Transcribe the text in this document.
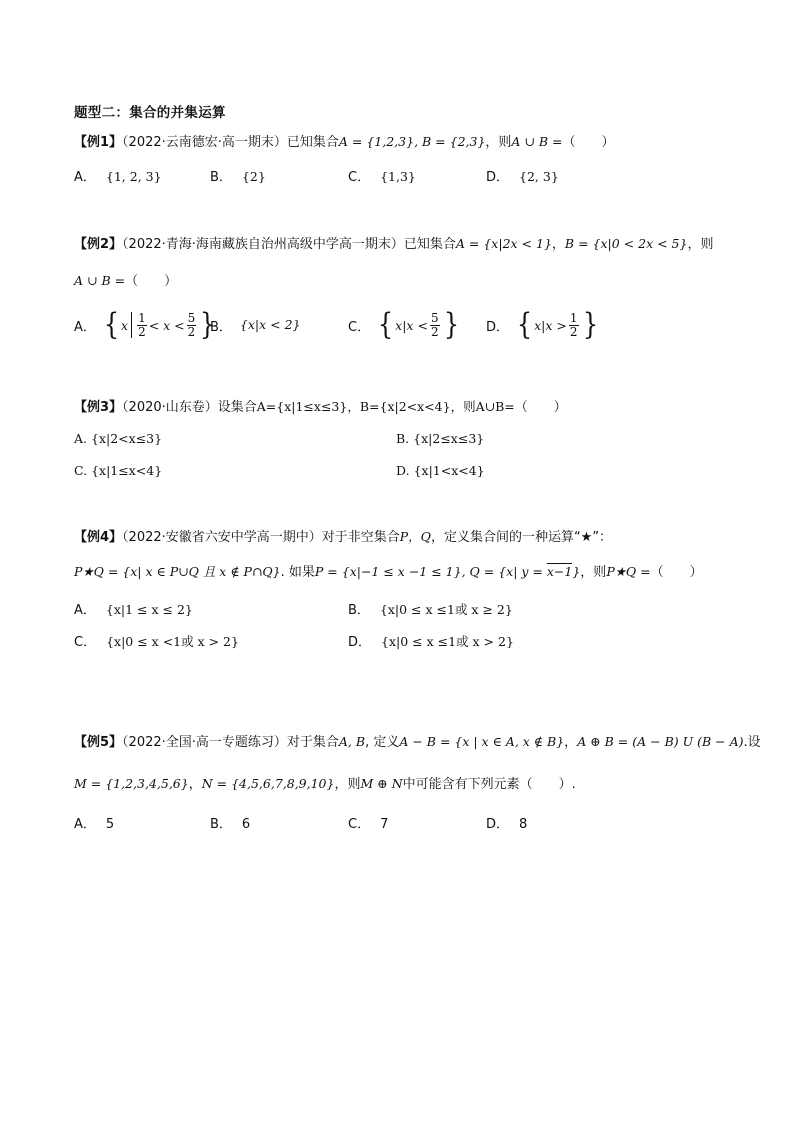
题型二：集合的并集运算
【例1】（2022·云南德宏·高一期末）已知集合A = {1,2,3}, B = {2,3}，则A ∪ B =（　　）
A． {1, 2, 3}	B． {2}	C． {1,3}	D． {2, 3}
【例2】（2022·青海·海南藏族自治州高级中学高一期末）已知集合A = {x|2x < 1}，B = {x|0 < 2x < 5}，则
A ∪ B =（　　）
A． { x $\frac{1}{2} < x < \frac{5}{2}$ }
B． {x|x < 2}	C． { $x|x < \frac{5}{2}$ } D． { $x|x > \frac{1}{2}$ }
【例3】（2020·山东卷）设集合A={x|1≤x≤3}，B={x|2<x<4}，则A∪B=（　　）
A. {x|2<x≤3}	B. {x|2≤x≤3}
C. {x|1≤x<4}	D. {x|1<x<4}
【例4】（2022·安徽省六安中学高一期中）对于非空集合P，Q，定义集合间的一种运算“★”：
P★Q = {x| x ∈ P∪Q 且 x ∉ P∩Q}. 如果P = {x|−1 ≤ x −1 ≤ 1}, Q = {x| y = x−1}，则P★Q =（　　）
A． {x|1 ≤ x ≤ 2}	B． {x|0 ≤ x ≤1或 x ≥ 2}
C． {x|0 ≤ x <1或 x > 2}	D． {x|0 ≤ x ≤1或 x > 2}
【例5】（2022·全国·高一专题练习）对于集合A, B, 定义A − B = {x | x ∈ A, x ∉ B}，A ⊕ B = (A − B) U (B − A).设
M = {1,2,3,4,5,6}，N = {4,5,6,7,8,9,10}，则M ⊕ N中可能含有下列元素（　　）.
A． 5	B． 6	C． 7	D． 8
